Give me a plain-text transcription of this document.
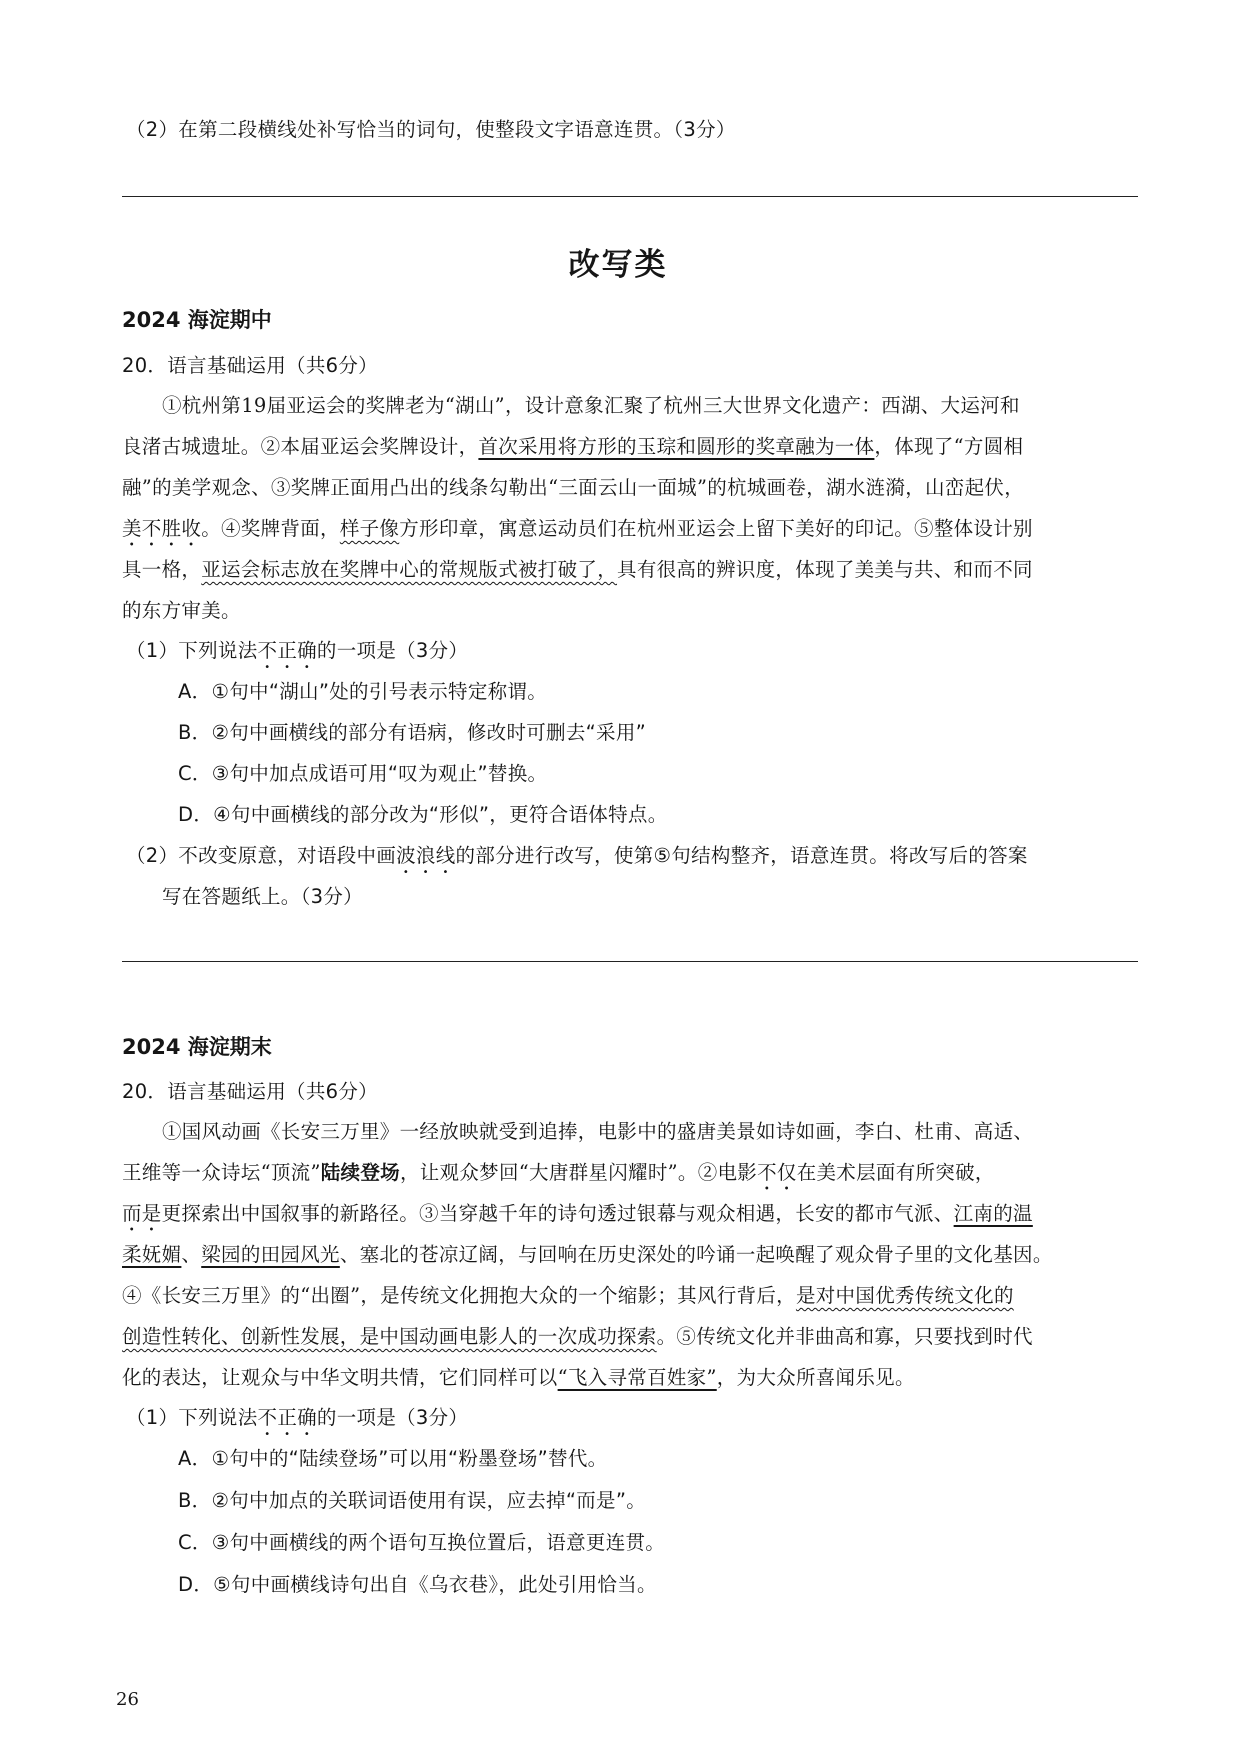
（2）在第二段横线处补写恰当的词句，使整段文字语意连贯。（3分）
改写类
2024 海淀期中
20．语言基础运用（共6分）
①杭州第19届亚运会的奖牌老为“湖山”，设计意象汇聚了杭州三大世界文化遗产：西湖、大运河和
良渚古城遗址。②本届亚运会奖牌设计，首次采用将方形的玉琮和圆形的奖章融为一体，体现了“方圆相
融”的美学观念、③奖牌正面用凸出的线条勾勒出“三面云山一面城”的杭城画卷，湖水涟漪，山峦起伏，
美不胜收。④奖牌背面，样子像方形印章，寓意运动员们在杭州亚运会上留下美好的印记。⑤整体设计别
具一格，亚运会标志放在奖牌中心的常规版式被打破了，具有很高的辨识度，体现了美美与共、和而不同
的东方审美。
（1）下列说法不正确的一项是（3分）
A．①句中“湖山”处的引号表示特定称谓。
B．②句中画横线的部分有语病，修改时可删去“采用”
C．③句中加点成语可用“叹为观止”替换。
D．④句中画横线的部分改为“形似”，更符合语体特点。
（2）不改变原意，对语段中画波浪线的部分进行改写，使第⑤句结构整齐，语意连贯。将改写后的答案
写在答题纸上。（3分）
2024 海淀期末
20．语言基础运用（共6分）
①国风动画《长安三万里》一经放映就受到追捧，电影中的盛唐美景如诗如画，李白、杜甫、高适、
王维等一众诗坛“顶流”陆续登场，让观众梦回“大唐群星闪耀时”。②电影不仅在美术层面有所突破，
而是更探索出中国叙事的新路径。③当穿越千年的诗句透过银幕与观众相遇，长安的都市气派、江南的温
柔妩媚、梁园的田园风光、塞北的苍凉辽阔，与回响在历史深处的吟诵一起唤醒了观众骨子里的文化基因。
④《长安三万里》的“出圈”，是传统文化拥抱大众的一个缩影；其风行背后，是对中国优秀传统文化的
创造性转化、创新性发展，是中国动画电影人的一次成功探索。⑤传统文化并非曲高和寡，只要找到时代
化的表达，让观众与中华文明共情，它们同样可以“飞入寻常百姓家”，为大众所喜闻乐见。
（1）下列说法不正确的一项是（3分）
A．①句中的“陆续登场”可以用“粉墨登场”替代。
B．②句中加点的关联词语使用有误，应去掉“而是”。
C．③句中画横线的两个语句互换位置后，语意更连贯。
D．⑤句中画横线诗句出自《乌衣巷》，此处引用恰当。
26
